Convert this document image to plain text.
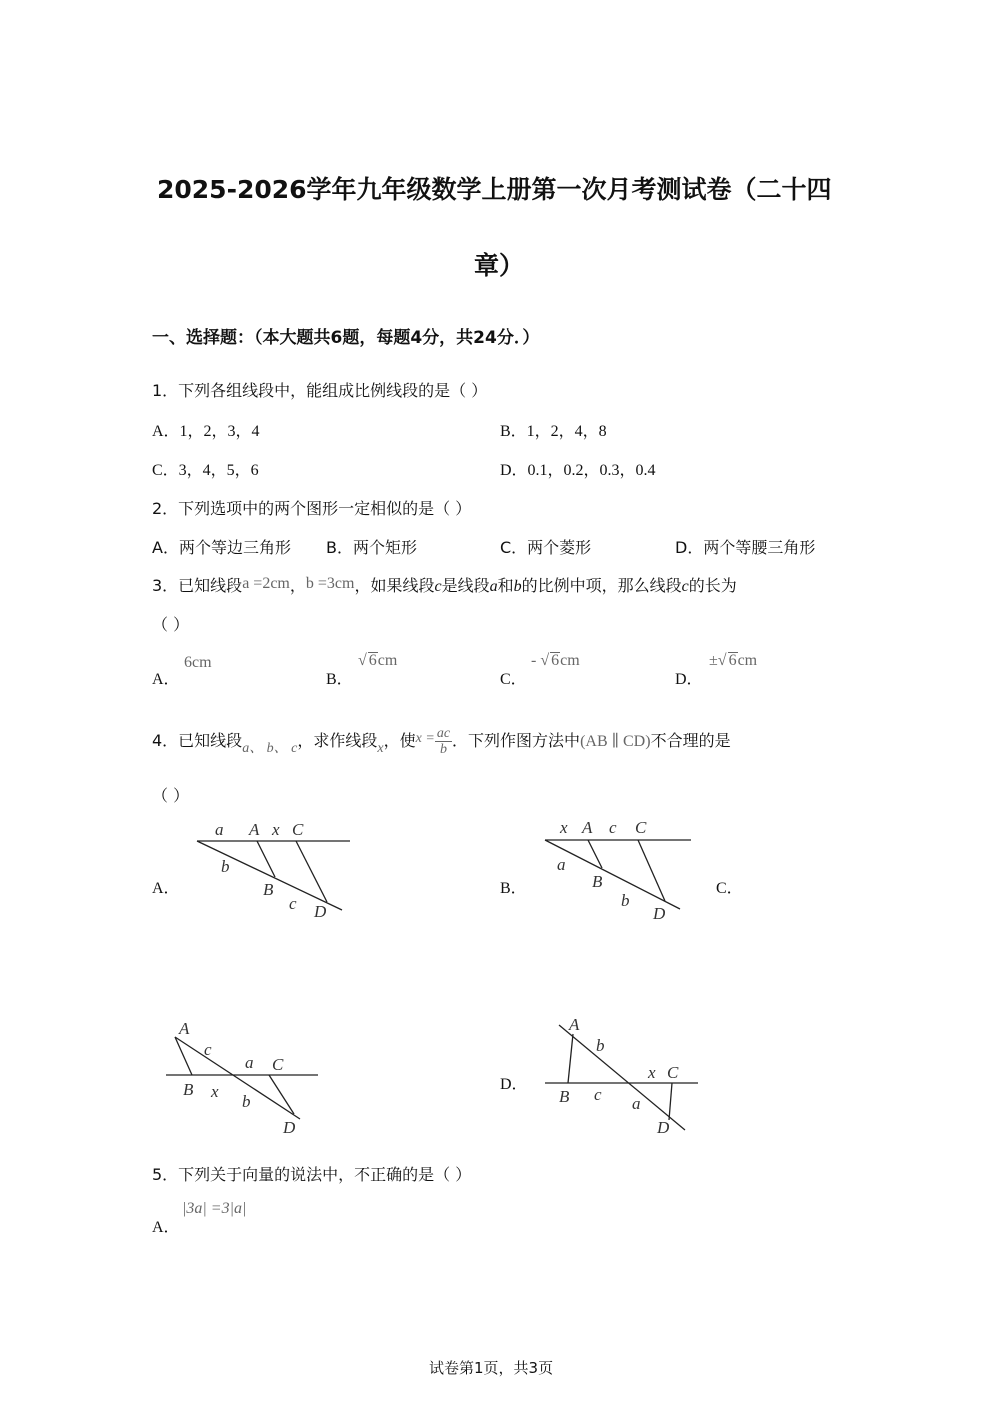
2025-2026学年九年级数学上册第一次月考测试卷（二十四
章）
一、选择题：（本大题共6题，每题4分，共24分．）
1．下列各组线段中，能组成比例线段的是（ ）
A．1，2，3，4	B．1，2，4，8
C．3，4，5，6	D．0.1，0.2，0.3，0.4
2．下列选项中的两个图形一定相似的是（ ）
A．两个等边三角形 B．两个矩形	C．两个菱形	D．两个等腰三角形
3．已知线段a =2cm，b =3cm，如果线段c是线段a和b的比例中项，那么线段c的长为
（ ）
A．
6cm
B．
√ 6cm
C．
- √ 6cm
D．
±√ 6cm
4．已知线段a、 b、 c，求作线段x，使$x = \frac{ac}{b}$ ．下列作图方法中(AB ∥ CD)不合理的是
（ ）
A．
a A x C
b
B
c D
B．
x A c C
a
B
b
D
C．
A
c
a C
B x
b
D
D．
A
b
x C
B c a
D
5．下列关于向量的说法中，不正确的是（ ）
A．
|3a| =3|a|
试卷第1页，共3页
